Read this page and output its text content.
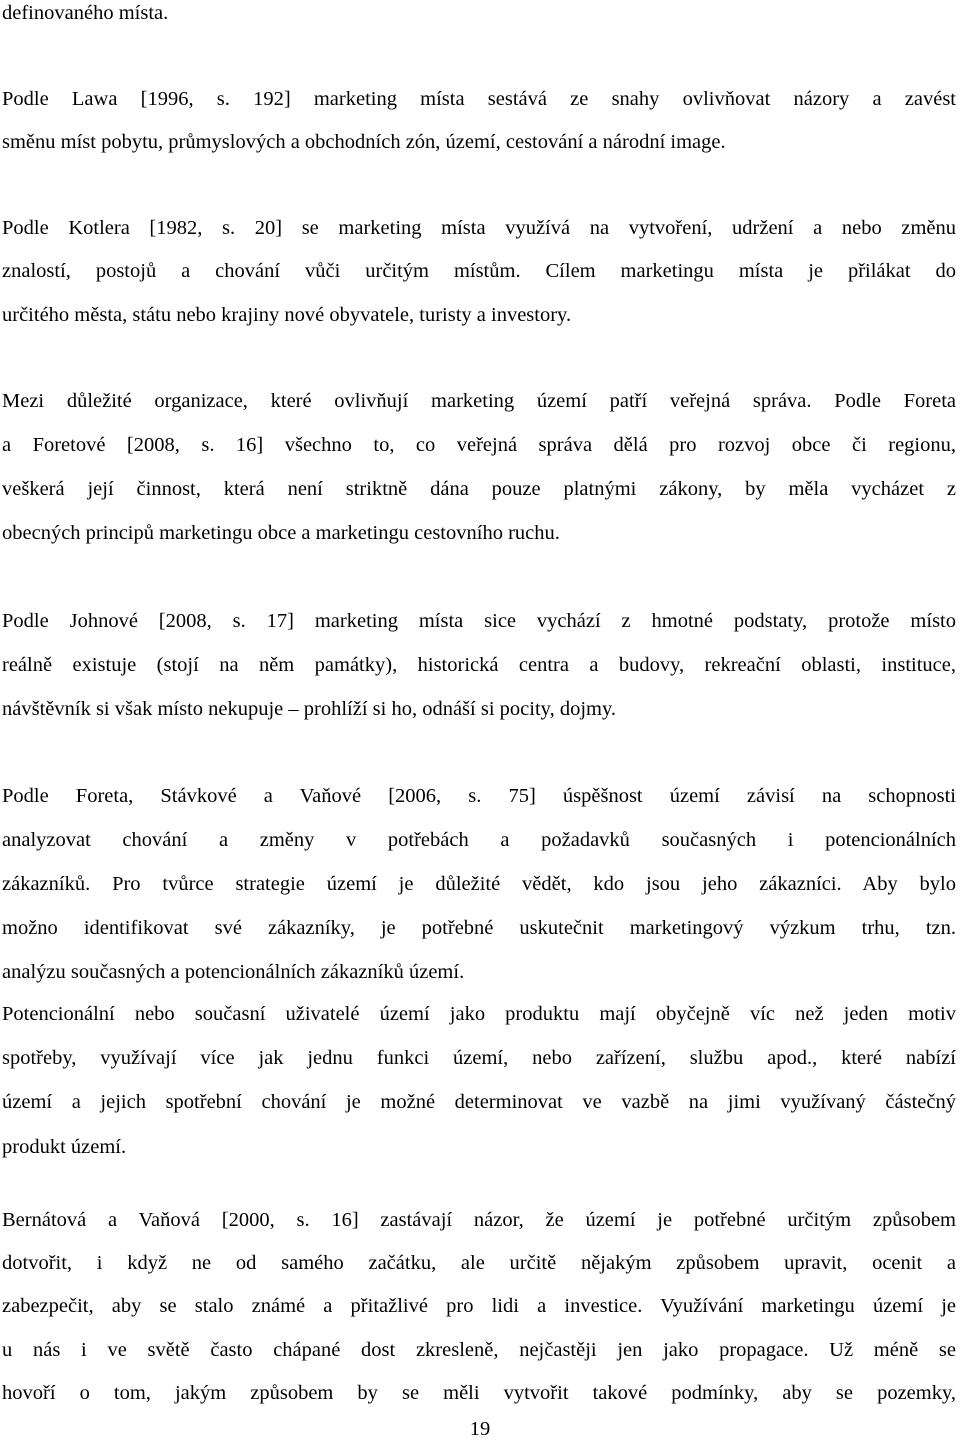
definovaného místa.
Podle Lawa [1996, s. 192] marketing místa sestává ze snahy ovlivňovat názory a zavést
směnu míst pobytu, průmyslových a obchodních zón, území, cestování a národní image.
Podle Kotlera [1982, s. 20] se marketing místa využívá na vytvoření, udržení a nebo změnu
znalostí, postojů a chování vůči určitým místům. Cílem marketingu místa je přilákat do
určitého města, státu nebo krajiny nové obyvatele, turisty a investory.
Mezi důležité organizace, které ovlivňují marketing území patří veřejná správa. Podle Foreta
a Foretové [2008, s. 16] všechno to, co veřejná správa dělá pro rozvoj obce či regionu,
veškerá její činnost, která není striktně dána pouze platnými zákony, by měla vycházet z
obecných principů marketingu obce a marketingu cestovního ruchu.
Podle Johnové [2008, s. 17] marketing místa sice vychází z hmotné podstaty, protože místo
reálně existuje (stojí na něm památky), historická centra a budovy, rekreační oblasti, instituce,
návštěvník si však místo nekupuje – prohlíží si ho, odnáší si pocity, dojmy.
Podle Foreta, Stávkové a Vaňové [2006, s. 75] úspěšnost území závisí na schopnosti
analyzovat chování a změny v potřebách a požadavků současných i potencionálních
zákazníků. Pro tvůrce strategie území je důležité vědět, kdo jsou jeho zákazníci. Aby bylo
možno identifikovat své zákazníky, je potřebné uskutečnit marketingový výzkum trhu, tzn.
analýzu současných a potencionálních zákazníků území.
Potencionální nebo současní uživatelé území jako produktu mají obyčejně víc než jeden motiv
spotřeby, využívají více jak jednu funkci území, nebo zařízení, službu apod., které nabízí
území a jejich spotřební chování je možné determinovat ve vazbě na jimi využívaný částečný
produkt území.
Bernátová a Vaňová [2000, s. 16] zastávají názor, že území je potřebné určitým způsobem
dotvořit, i když ne od samého začátku, ale určitě nějakým způsobem upravit, ocenit a
zabezpečit, aby se stalo známé a přitažlivé pro lidi a investice. Využívání marketingu území je
u nás i ve světě často chápané dost zkresleně, nejčastěji jen jako propagace. Už méně se
hovoří o tom, jakým způsobem by se měli vytvořit takové podmínky, aby se pozemky,
19
